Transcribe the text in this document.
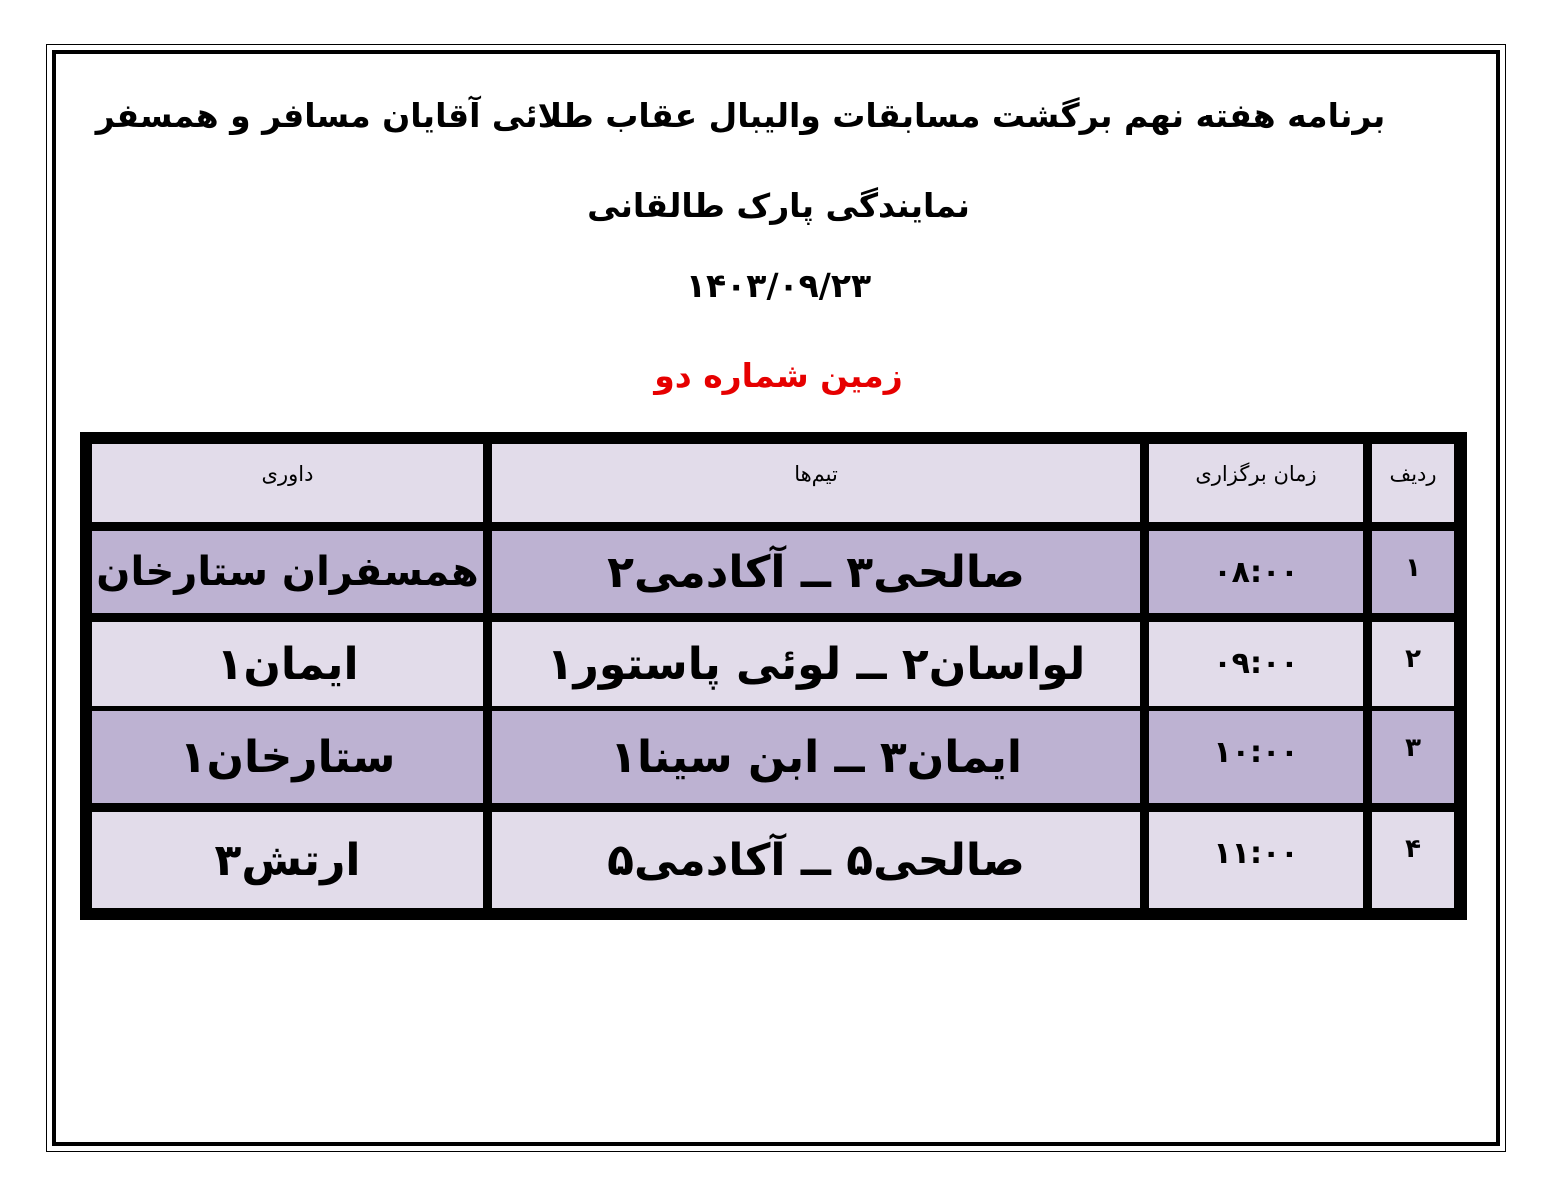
برنامه هفته نهم برگشت مسابقات والیبال عقاب طلائی آقایان مسافر و همسفر
نمایندگی پارک طالقانی
۱۴۰۳/۰۹/۲۳
زمین شماره دو
ردیف
زمان برگزاری
تیم‌ها
داوری
۱
۰۸:۰۰
صالحی۳ ــ آکادمی۲
همسفران ستارخان
۲
۰۹:۰۰
لواسان۲ ــ لوئی پاستور۱
ایمان۱
۳
۱۰:۰۰
ایمان۳ ــ ابن سینا۱
ستارخان۱
۴
۱۱:۰۰
صالحی۵ ــ آکادمی۵
ارتش۳
